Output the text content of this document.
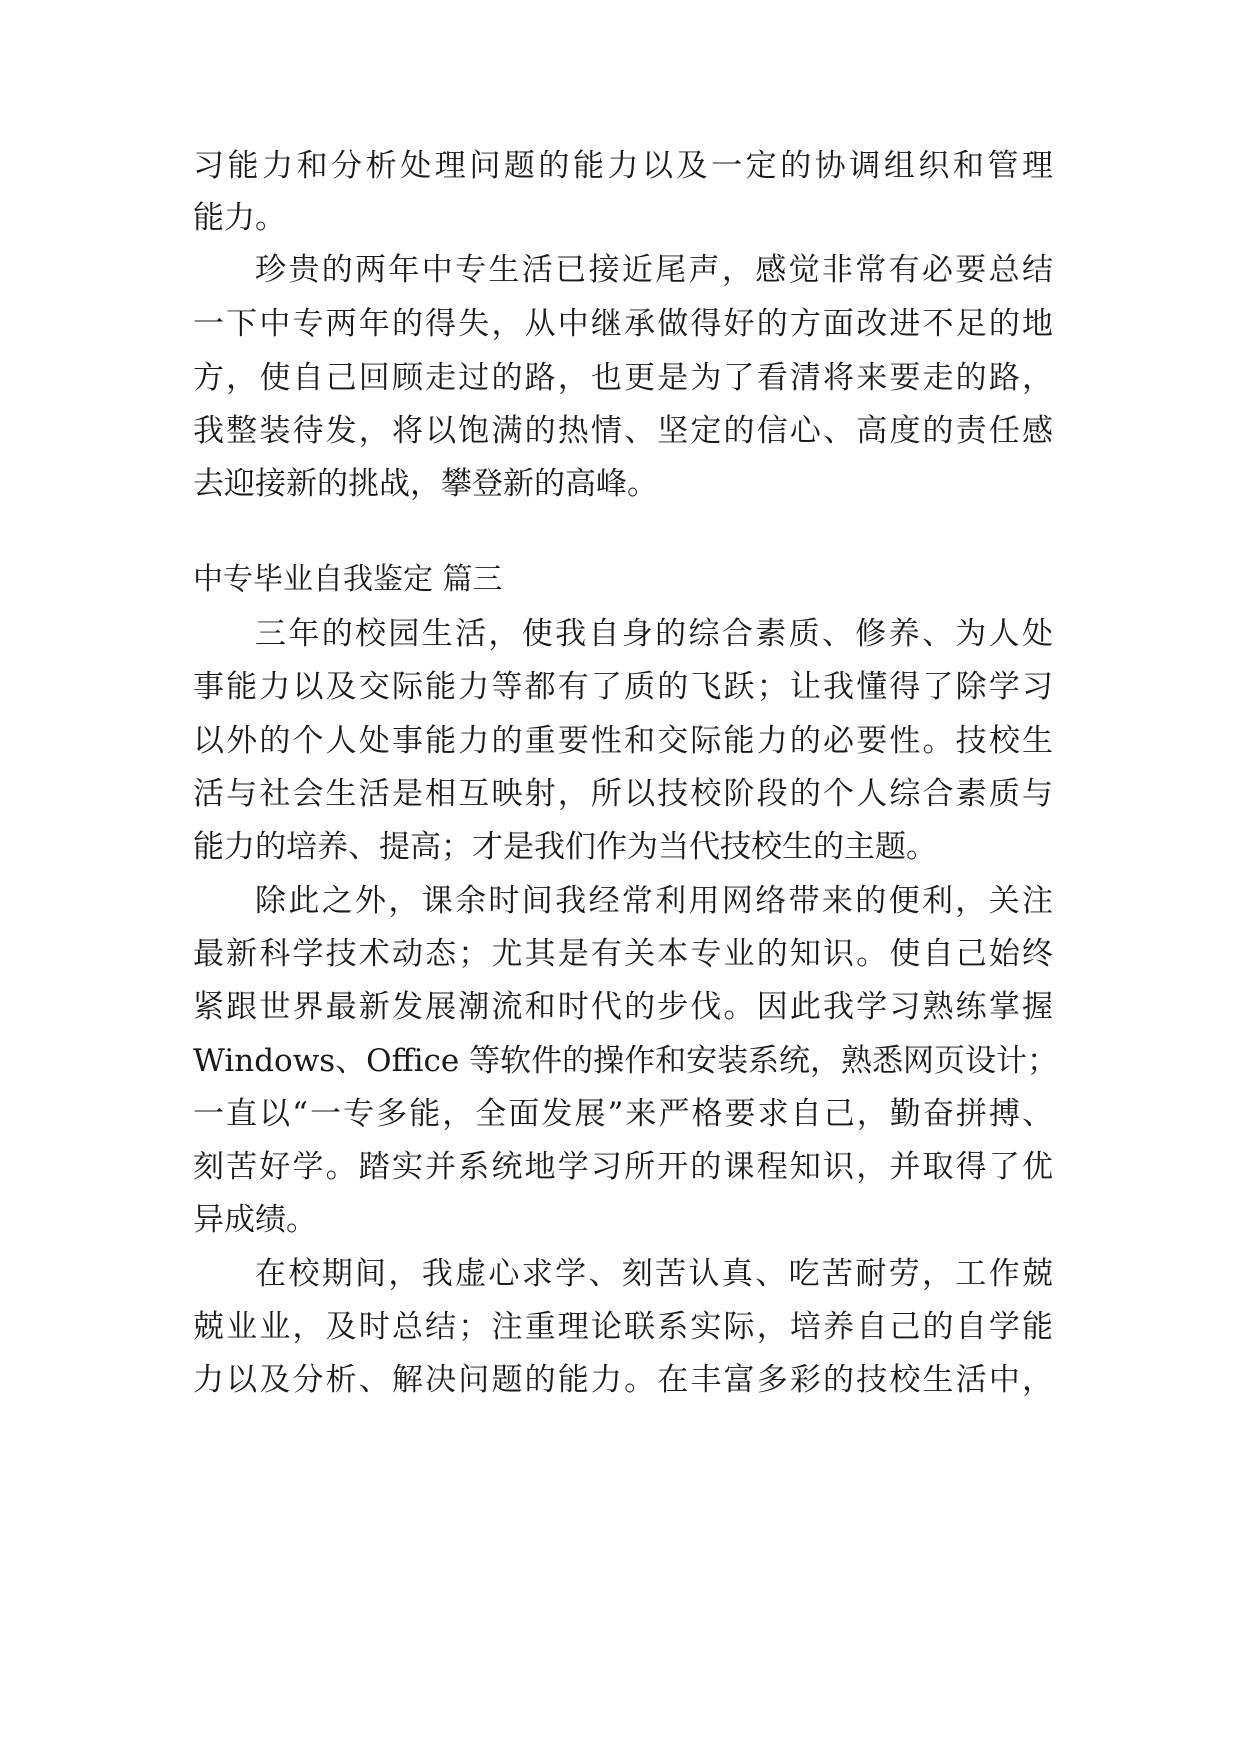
习能力和分析处理问题的能力以及一定的协调组织和管理
能力。
珍贵的两年中专生活已接近尾声，感觉非常有必要总结
一下中专两年的得失，从中继承做得好的方面改进不足的地
方，使自己回顾走过的路，也更是为了看清将来要走的路，
我整装待发，将以饱满的热情、坚定的信心、高度的责任感
去迎接新的挑战，攀登新的高峰。
中专毕业自我鉴定 篇三
三年的校园生活，使我自身的综合素质、修养、为人处
事能力以及交际能力等都有了质的飞跃；让我懂得了除学习
以外的个人处事能力的重要性和交际能力的必要性。技校生
活与社会生活是相互映射，所以技校阶段的个人综合素质与
能力的培养、提高；才是我们作为当代技校生的主题。
除此之外，课余时间我经常利用网络带来的便利，关注
最新科学技术动态；尤其是有关本专业的知识。使自己始终
紧跟世界最新发展潮流和时代的步伐。因此我学习熟练掌握
Windows、Office 等软件的操作和安装系统，熟悉网页设计；
一直以“一专多能，全面发展”来严格要求自己，勤奋拼搏、
刻苦好学。踏实并系统地学习所开的课程知识，并取得了优
异成绩。
在校期间，我虚心求学、刻苦认真、吃苦耐劳，工作兢
兢业业，及时总结；注重理论联系实际，培养自己的自学能
力以及分析、解决问题的能力。在丰富多彩的技校生活中，
